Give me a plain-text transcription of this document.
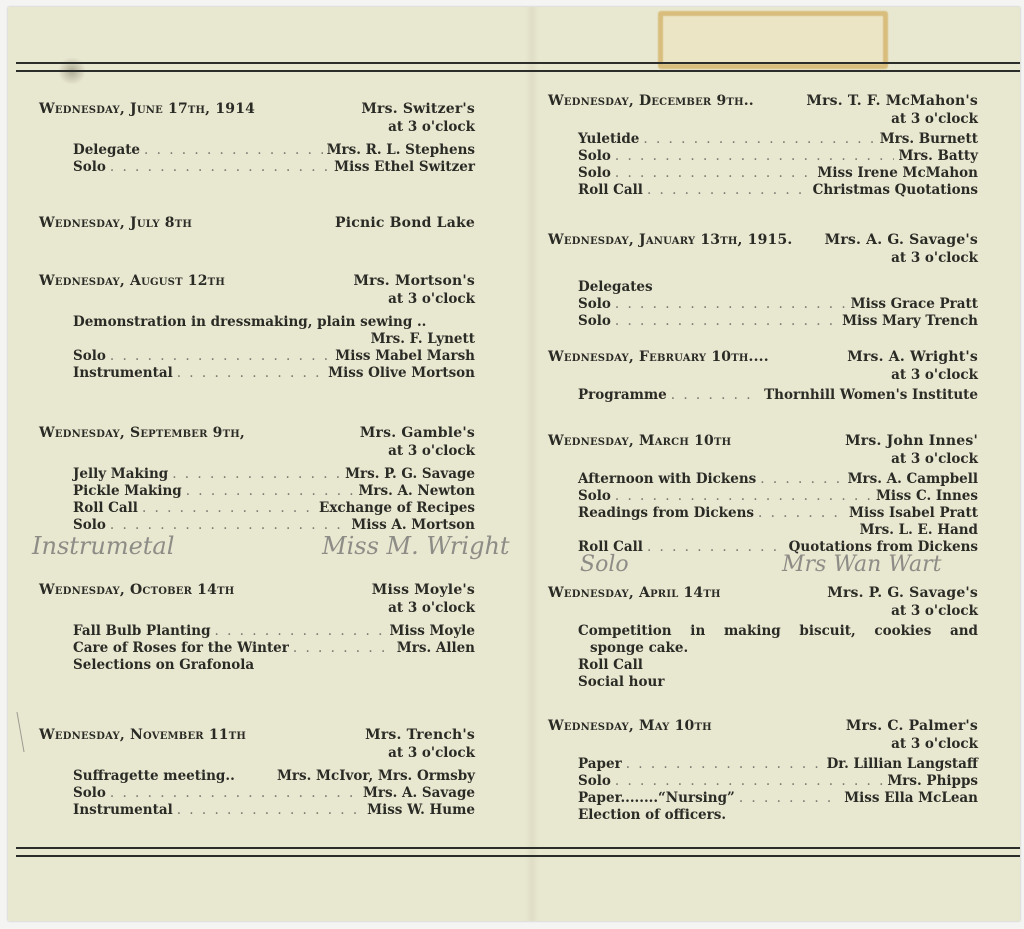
Wednesday, June 17th, 1914	Mrs. Switzer's
at 3 o'clock
Delegate . . .	Mrs. R. L. Stephens
Solo . . .	Miss Ethel Switzer
Wednesday, July 8th	Picnic Bond Lake
Wednesday, August 12th	Mrs. Mortson's
at 3 o'clock
Demonstration in dressmaking, plain sewing ..
Mrs. F. Lynett
Solo . . .	Miss Mabel Marsh
Instrumental . . .	Miss Olive Mortson
Wednesday, September 9th,	Mrs. Gamble's
at 3 o'clock
Jelly Making . . .	Mrs. P. G. Savage
Pickle Making . . .	Mrs. A. Newton
Roll Call . . .	Exchange of Recipes
Solo . . .	Miss A. Mortson
Wednesday, October 14th	Miss Moyle's
at 3 o'clock
Fall Bulb Planting . . .	Miss Moyle
Care of Roses for the Winter . . .	Mrs. Allen
Selections on Grafonola
Wednesday, November 11th	Mrs. Trench's
at 3 o'clock
Suffragette meeting..	Mrs. McIvor, Mrs. Ormsby
Solo . . .	Mrs. A. Savage
Instrumental . . .	Miss W. Hume
Instrumetal	Miss M. Wright
Wednesday, December 9th..	Mrs. T. F. McMahon's
at 3 o'clock
Yuletide . . .	Mrs. Burnett
Solo . . .	Mrs. Batty
Solo . . .	Miss Irene McMahon
Roll Call . . .	Christmas Quotations
Wednesday, January 13th, 1915. Mrs. A. G. Savage's
at 3 o'clock
Delegates
Solo . . .	Miss Grace Pratt
Solo . . .	Miss Mary Trench
Wednesday, February 10th....	Mrs. A. Wright's
at 3 o'clock
Programme . . .	Thornhill Women's Institute
Wednesday, March 10th	Mrs. John Innes'
at 3 o'clock
Afternoon with Dickens . . .	Mrs. A. Campbell
Solo . . .	Miss C. Innes
Readings from Dickens . . .	Miss Isabel Pratt
Mrs. L. E. Hand
Roll Call . . .	Quotations from Dickens
Wednesday, April 14th	Mrs. P. G. Savage's
at 3 o'clock
Competition in making biscuit, cookies and
sponge cake.
Roll Call
Social hour
Wednesday, May 10th	Mrs. C. Palmer's
at 3 o'clock
Paper . . .	Dr. Lillian Langstaff
Solo . . .	Mrs. Phipps
Paper........“Nursing” . . .	Miss Ella McLean
Election of officers.
Solo	Mrs Wan Wart
